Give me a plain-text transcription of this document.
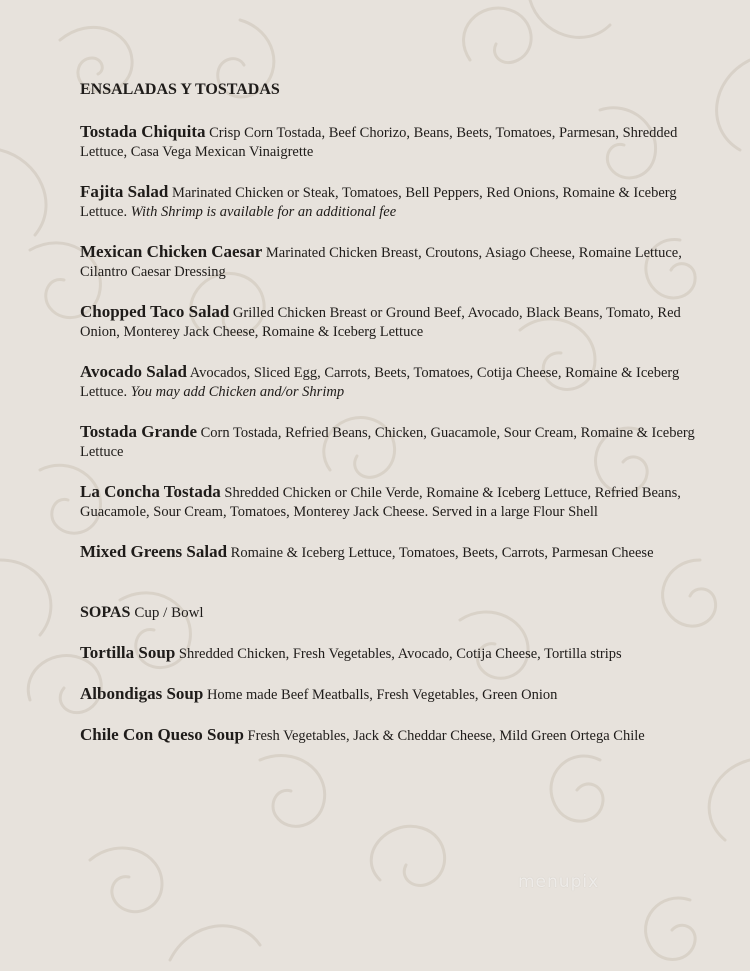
ENSALADAS Y TOSTADAS
Tostada Chiquita Crisp Corn Tostada, Beef Chorizo, Beans, Beets, Tomatoes, Parmesan, Shredded Lettuce, Casa Vega Mexican Vinaigrette
Fajita Salad Marinated Chicken or Steak, Tomatoes, Bell Peppers, Red Onions, Romaine & Iceberg Lettuce. With Shrimp is available for an additional fee
Mexican Chicken Caesar Marinated Chicken Breast, Croutons, Asiago Cheese, Romaine Lettuce, Cilantro Caesar Dressing
Chopped Taco Salad Grilled Chicken Breast or Ground Beef, Avocado, Black Beans, Tomato, Red Onion, Monterey Jack Cheese, Romaine & Iceberg Lettuce
Avocado Salad Avocados, Sliced Egg, Carrots, Beets, Tomatoes, Cotija Cheese, Romaine & Iceberg Lettuce. You may add Chicken and/or Shrimp
Tostada Grande Corn Tostada, Refried Beans, Chicken, Guacamole, Sour Cream, Romaine & Iceberg Lettuce
La Concha Tostada Shredded Chicken or Chile Verde, Romaine & Iceberg Lettuce, Refried Beans, Guacamole, Sour Cream, Tomatoes, Monterey Jack Cheese. Served in a large Flour Shell
Mixed Greens Salad Romaine & Iceberg Lettuce, Tomatoes, Beets, Carrots, Parmesan Cheese
SOPAS Cup / Bowl
Tortilla Soup Shredded Chicken, Fresh Vegetables, Avocado, Cotija Cheese, Tortilla strips
Albondigas Soup Home made Beef Meatballs, Fresh Vegetables, Green Onion
Chile Con Queso Soup Fresh Vegetables, Jack & Cheddar Cheese, Mild Green Ortega Chile
menupix
